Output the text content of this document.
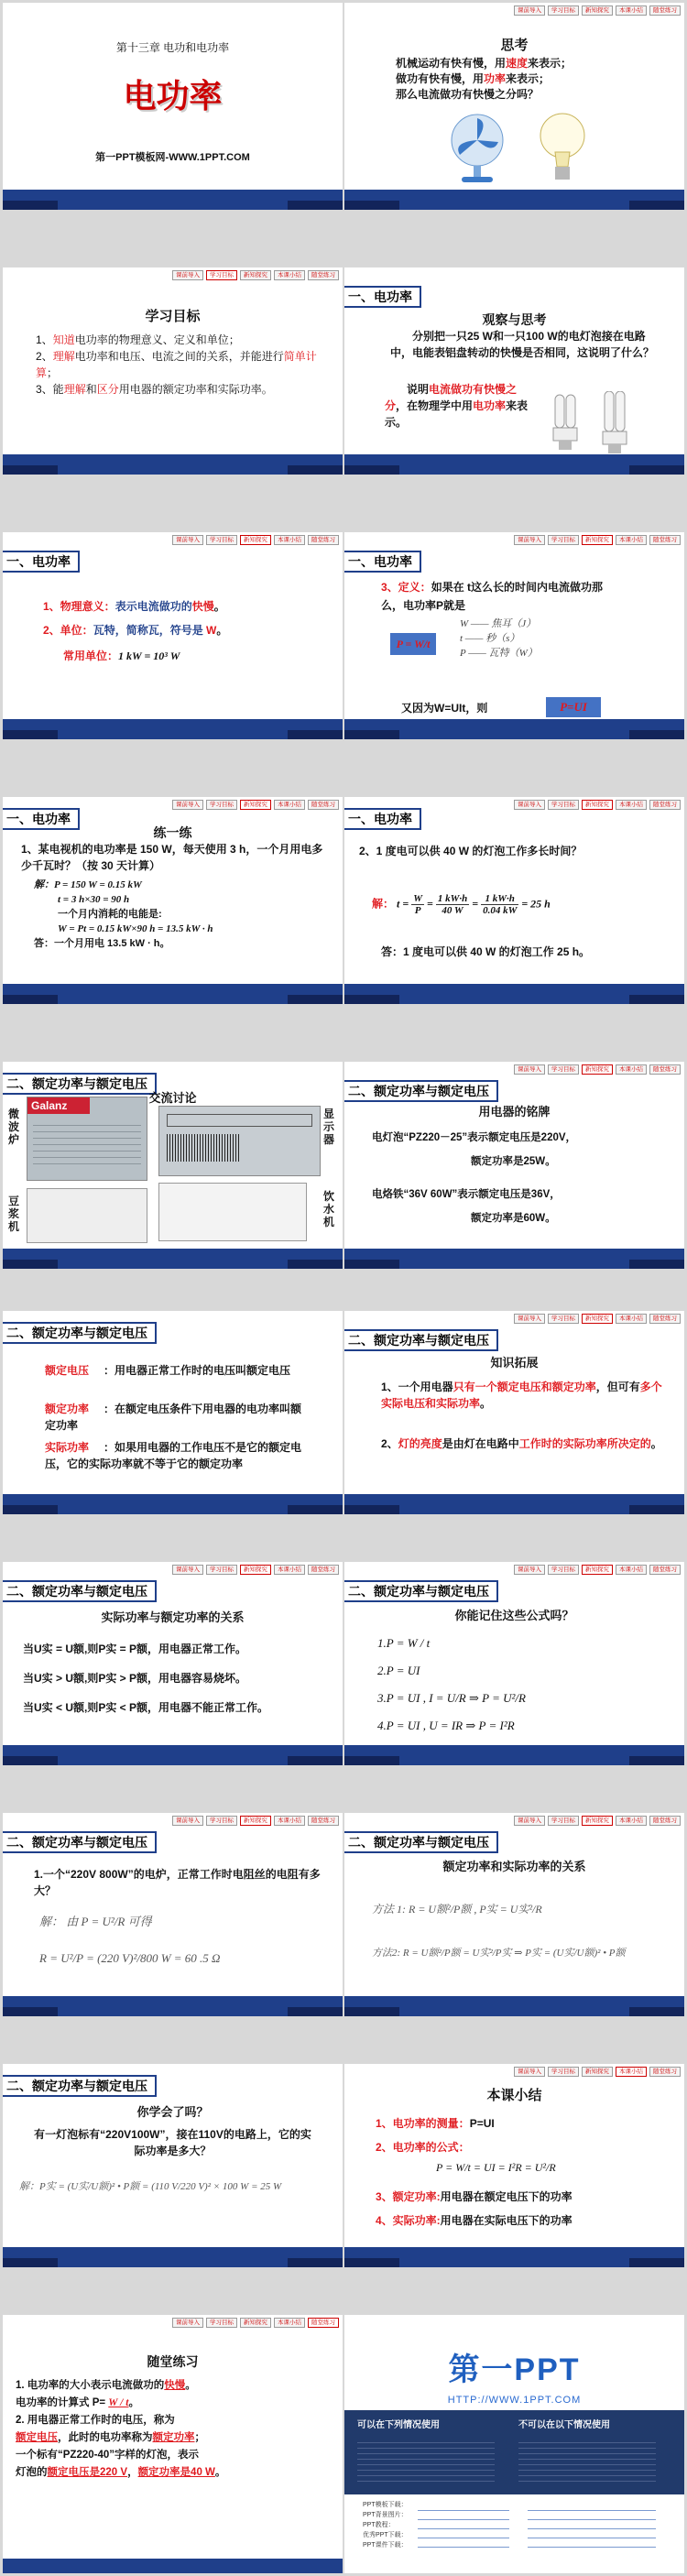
第十三章 电功和电功率
电功率
第一PPT模板网-WWW.1PPT.COM
课前导入	学习目标	新知探究	本课小结	随堂练习
思考
机械运动有快有慢，用速度来表示；
做功有快有慢，用功率来表示；
那么电流做功有快慢之分吗？
课前导入	学习目标	新知探究	本课小结	随堂练习
学习目标
1、知道电功率的物理意义、定义和单位；
2、理解电功率和电压、电流之间的关系，并能进行简单计算；
3、能理解和区分用电器的额定功率和实际功率。
一、电功率
观察与思考
分别把一只25 W和一只100 W的电灯泡接在电路中，电能表铝盘转动的快慢是否相同，这说明了什么？
说明电流做功有快慢之分，在物理学中用电功率来表示。
课前导入	学习目标	新知探究	本课小结	随堂练习
一、电功率
1、物理意义：表示电流做功的快慢。
2、单位：瓦特，简称瓦，符号是 W。
常用单位：1 kW = 10³ W
课前导入	学习目标	新知探究	本课小结	随堂练习
一、电功率
3、定义：如果在 t这么长的时间内电流做功那么，电功率P就是
P = W/t
W —— 焦耳（J）
t —— 秒（s）
P —— 瓦特（W）
又因为W=UIt，则	P=UI
课前导入	学习目标	新知探究	本课小结	随堂练习
一、电功率
练一练
1、某电视机的电功率是 150 W，每天使用 3 h，一个月用电多少千瓦时？（按 30 天计算）
解：P = 150 W = 0.15 kW
t = 3 h×30 = 90 h
一个月内消耗的电能是:
W = Pt = 0.15 kW×90 h = 13.5 kW · h
答：一个月用电 13.5 kW · h。
课前导入	学习目标	新知探究	本课小结	随堂练习
一、电功率
2、1 度电可以供 40 W 的灯泡工作多长时间？
解： $t = \frac{W}{P} = \frac{1 kW\cdot h}{40 W} = \frac{1 kW\cdot h}{0.04 kW} = 25$ h
答：1 度电可以供 40 W 的灯泡工作 25 h。
二、额定功率与额定电压
交流讨论
Galanz
微波炉
显示器
豆浆机
饮水机
课前导入	学习目标	新知探究	本课小结	随堂练习
二、额定功率与额定电压
用电器的铭牌
电灯泡“PZ220－25”表示额定电压是220V，
额定功率是25W。
电烙铁“36V 60W”表示额定电压是36V，
额定功率是60W。
二、额定功率与额定电压
额定电压 ：用电器正常工作时的电压叫额定电压
额定功率 ：在额定电压条件下用电器的电功率叫额定功率
实际功率 ：如果用电器的工作电压不是它的额定电压，它的实际功率就不等于它的额定功率
课前导入	学习目标	新知探究	本课小结	随堂练习
二、额定功率与额定电压
知识拓展
1、一个用电器只有一个额定电压和额定功率，但可有多个实际电压和实际功率。
2、灯的亮度是由灯在电路中工作时的实际功率所决定的。
课前导入	学习目标	新知探究	本课小结	随堂练习
二、额定功率与额定电压
实际功率与额定功率的关系
当U实 = U额,则P实 = P额，用电器正常工作。
当U实 > U额,则P实 > P额，用电器容易烧坏。
当U实 < U额,则P实 < P额，用电器不能正常工作。
课前导入	学习目标	新知探究	本课小结	随堂练习
二、额定功率与额定电压
你能记住这些公式吗？
1.P = W / t
2.P = UI
3.P = UI , I = U/R ⇒ P = U²/R
4.P = UI , U = IR ⇒ P = I²R
课前导入	学习目标	新知探究	本课小结	随堂练习
二、额定功率与额定电压
1.一个“220V 800W”的电炉，正常工作时电阻丝的电阻有多大？
解： 由 P = U²/R 可得
R = U²/P = (220 V)²/800 W = 60 .5 Ω
课前导入	学习目标	新知探究	本课小结	随堂练习
二、额定功率与额定电压
额定功率和实际功率的关系
方法 1: R = U额²/P额 , P实 = U实²/R
方法2: R = U额²/P额 = U实²/P实 ⇒ P实 = (U实/U额)² • P额
二、额定功率与额定电压
你学会了吗？
有一灯泡标有“220V100W”，接在110V的电路上，它的实际功率是多大？
解：P实 = (U实/U额)² • P额 = (110 V/220 V)² × 100 W = 25 W
课前导入	学习目标	新知探究	本课小结	随堂练习
本课小结
1、电功率的测量：P=UI
2、电功率的公式：
P = W/t = UI = I²R = U²/R
3、额定功率:用电器在额定电压下的功率
4、实际功率:用电器在实际电压下的功率
课前导入	学习目标	新知探究	本课小结	随堂练习
随堂练习
1. 电功率的大小表示电流做功的快慢。
电功率的计算式 P= W / t。
2. 用电器正常工作时的电压，称为
额定电压，此时的电功率称为额定功率；
一个标有“PZ220-40”字样的灯泡，表示
灯泡的额定电压是220 V，额定功率是40 W。
第一PPT
HTTP://WWW.1PPT.COM
可以在下列情况使用	不可以在以下情况使用
PPT模板下载：
PPT背景图片：
PPT教程：
优秀PPT下载：
PPT课件下载：
